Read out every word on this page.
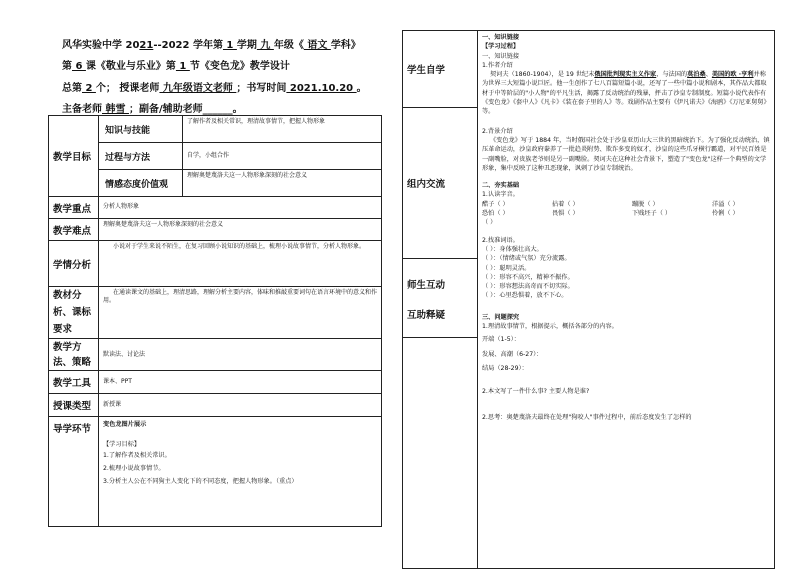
风华实验中学 2021--2022 学年第 1 学期 九 年级《 语文 学科》
第 6 课《敬业与乐业》第 1 节《变色龙》教学设计
总第 2 个； 授课老师 九年级语文老师 ；书写时间 2021.10.20 。
主备老师 韩雪 ；副备/辅助老师______。
教学目标	知识与技能	了解作者及相关常识，理清故事情节，把握人物形象
	过程与方法	自学，小组合作
	情感态度价值观	理解奥楚蔑洛夫这一人物形象深刻的社会意义
教学重点	分析人物形象	
教学难点	理解奥楚蔑洛夫这一人物形象深刻的社会意义	
学情分析	小说对于学生来说不陌生，在复习回顾小说知识的基础上，梳理小说故事情节，分析人物形象。	
教材分析、课标要求	在通读课文的基础上，理清思路，理解分析主要内容，体味和推敲重要词句在语言环境中的意义和作用。	
教学方法、策略	默读法、讨论法	
教学工具	课本、PPT	
授课类型	新授课	
导学环节	变色龙图片展示
【学习目标】
1.了解作者及相关常识。
2.梳理小说故事情节。
3.分析主人公在不同狗主人变化下的不同态度，把握人物形象。（重点）	
学生自学	
一、知识链接
【学习过程】
一、知识链接
1.作者介绍
契诃夫（1860-1904），是 19 世纪末俄国批判现实主义作家，与法国的莫泊桑、美国的欧 ·亨利并称为世界三大短篇小说巨匠。他一生创作了七八百篇短篇小说，还写了一些中篇小说和剧本，其作品大都取材于中等阶层的"小人物"的平凡生活，揭露了反动统治的残暴，抨击了沙皇专制制度。短篇小说代表作有《变色龙》《套中人》《凡卡》《装在套子里的人》等。戏剧作品主要有《伊凡诺夫》《海鸥》《万尼亚舅舅》等。
2.背景介绍
《变色龙》写于 1884 年，当时俄国社会处于沙皇亚历山大三世的黑暗统治下。为了强化反动统治，镇压革命运动，沙皇政府豢养了一批趋炎附势、欺诈多变的奴才，沙皇的这些爪牙横行霸道，对平民百姓是一副嘴脸，对贵族老爷则是另一副嘴脸。契诃夫在这种社会背景下，塑造了"变色龙"这样一个典型的文学形象，集中反映了这种丑恶现象，讽刺了沙皇专制统治。
二、夯实基础
1.认读字音。
醋子（ ）	拈着（ ）	蹦脱（ ）	洋溢（ ）
恐怕（ ）	畏惧（ ）	下贱坯子（ ）	伶俐（ ）
（ ）
2.找准词语。
（ ）：身体强壮高大。
（ ）：（情绪或气氛）充分流露。
（ ）：聪明灵活。
（ ）：形容不高兴，精神不振作。
（ ）：形容想法高奇而不切实际。
（ ）：心里恐惧着，放不下心。
三、问题探究
1.理清故事情节，根据提示，概括各部分的内容。
开端（1-5）：
发展、高潮（6-27）：
结局（28-29）：
2.本文写了一件什么事? 主要人物是谁?
2.思考：奥楚蔑洛夫最终在处理"狗咬人"事件过程中，前后态度发生了怎样的

组内交流

师生互动
互助释疑
